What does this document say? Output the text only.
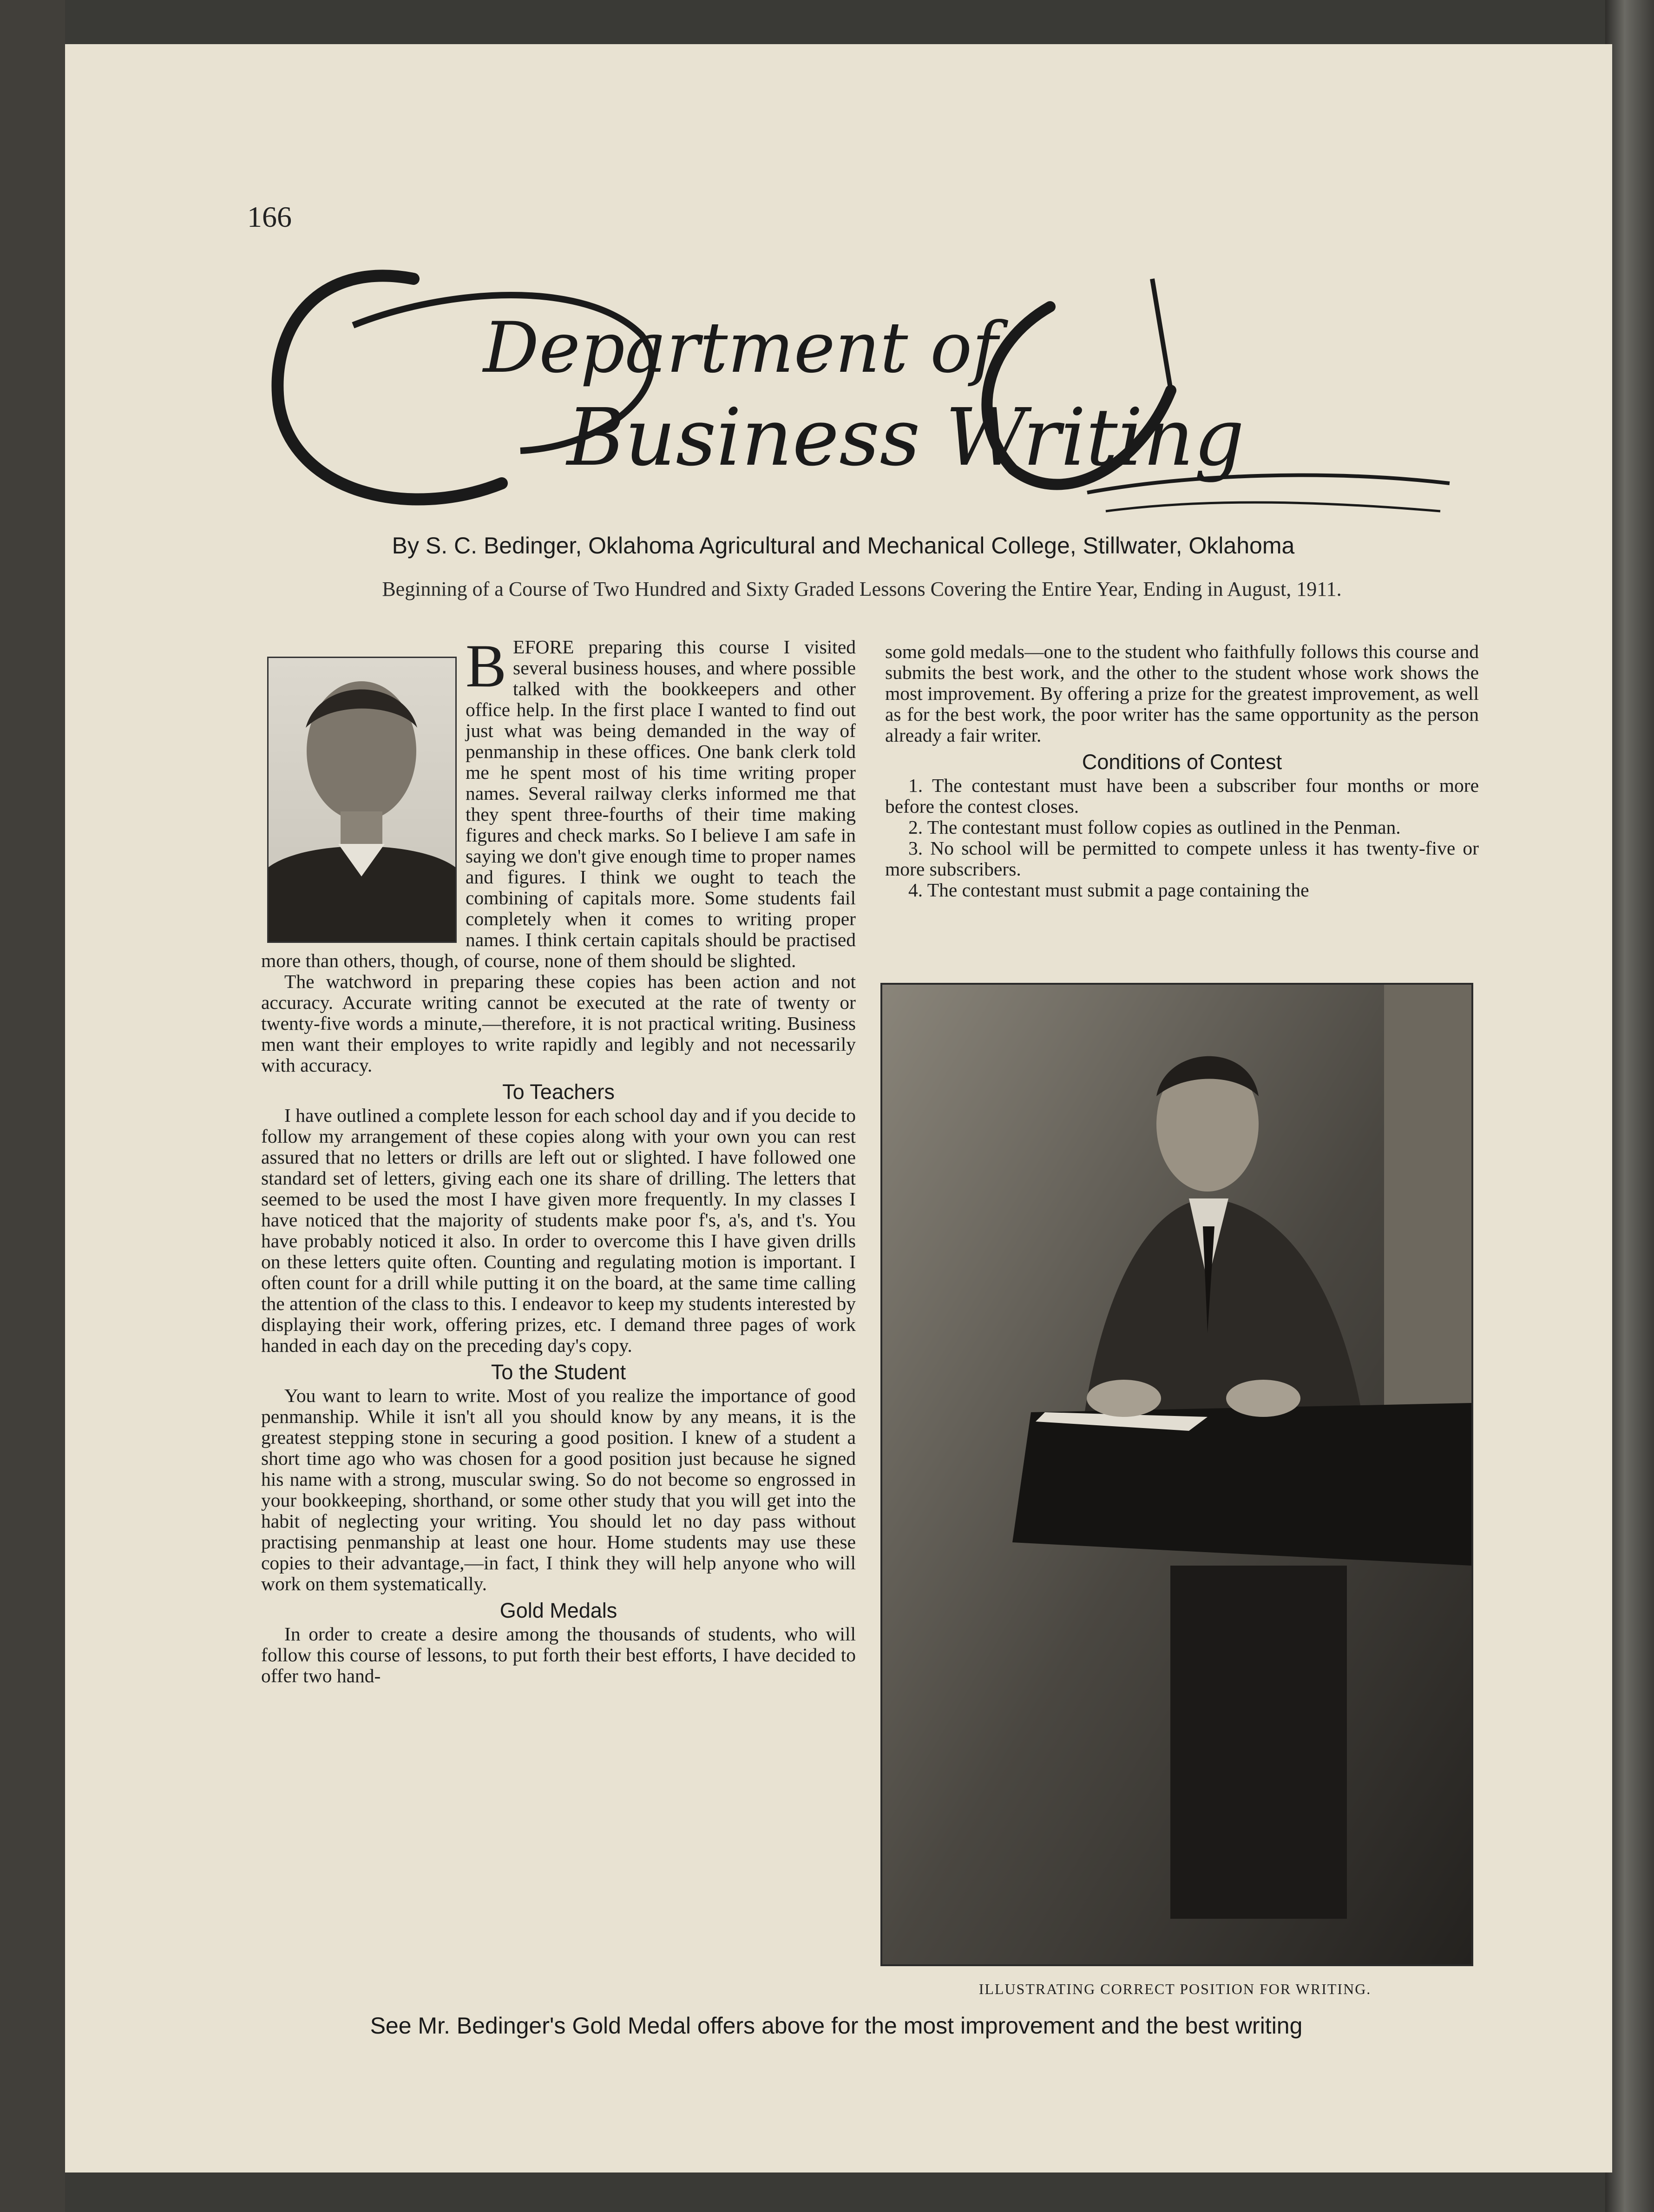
166
Department of
Business Writing
By S. C. Bedinger, Oklahoma Agricultural and Mechanical College, Stillwater, Oklahoma
Beginning of a Course of Two Hundred and Sixty Graded Lessons Covering the Entire Year, Ending in August, 1911.

BEFORE preparing this course I visited several business houses, and where possible talked with the bookkeepers and other office help. In the first place I wanted to find out just what was being demanded in the way of penmanship in these offices. One bank clerk told me he spent most of his time writing proper names. Several railway clerks informed me that they spent three-fourths of their time making figures and check marks. So I believe I am safe in saying we don't give enough time to proper names and figures. I think we ought to teach the combining of capitals more. Some students fail completely when it comes to writing proper names. I think certain capitals should be practised more than others, though, of course, none of them should be slighted.

The watchword in preparing these copies has been action and not accuracy. Accurate writing cannot be executed at the rate of twenty or twenty-five words a minute,—therefore, it is not practical writing. Business men want their employes to write rapidly and legibly and not necessarily with accuracy.

To Teachers

I have outlined a complete lesson for each school day and if you decide to follow my arrangement of these copies along with your own you can rest assured that no letters or drills are left out or slighted. I have followed one standard set of letters, giving each one its share of drilling. The letters that seemed to be used the most I have given more frequently. In my classes I have noticed that the majority of students make poor f's, a's, and t's. You have probably noticed it also. In order to overcome this I have given drills on these letters quite often. Counting and regulating motion is important. I often count for a drill while putting it on the board, at the same time calling the attention of the class to this. I endeavor to keep my students interested by displaying their work, offering prizes, etc. I demand three pages of work handed in each day on the preceding day's copy.

To the Student

You want to learn to write. Most of you realize the importance of good penmanship. While it isn't all you should know by any means, it is the greatest stepping stone in securing a good position. I knew of a student a short time ago who was chosen for a good position just because he signed his name with a strong, muscular swing. So do not become so engrossed in your bookkeeping, shorthand, or some other study that you will get into the habit of neglecting your writing. You should let no day pass without practising penmanship at least one hour. Home students may use these copies to their advantage,—in fact, I think they will help anyone who will work on them systematically.

Gold Medals

In order to create a desire among the thousands of students, who will follow this course of lessons, to put forth their best efforts, I have decided to offer two hand-

some gold medals—one to the student who faithfully follows this course and submits the best work, and the other to the student whose work shows the most improvement. By offering a prize for the greatest improvement, as well as for the best work, the poor writer has the same opportunity as the person already a fair writer.

Conditions of Contest

1. The contestant must have been a subscriber four months or more before the contest closes.

2. The contestant must follow copies as outlined in the Penman.

3. No school will be permitted to compete unless it has twenty-five or more subscribers.

4. The contestant must submit a page containing the

ILLUSTRATING CORRECT POSITION FOR WRITING.
See Mr. Bedinger's Gold Medal offers above for the most improvement and the best writing
